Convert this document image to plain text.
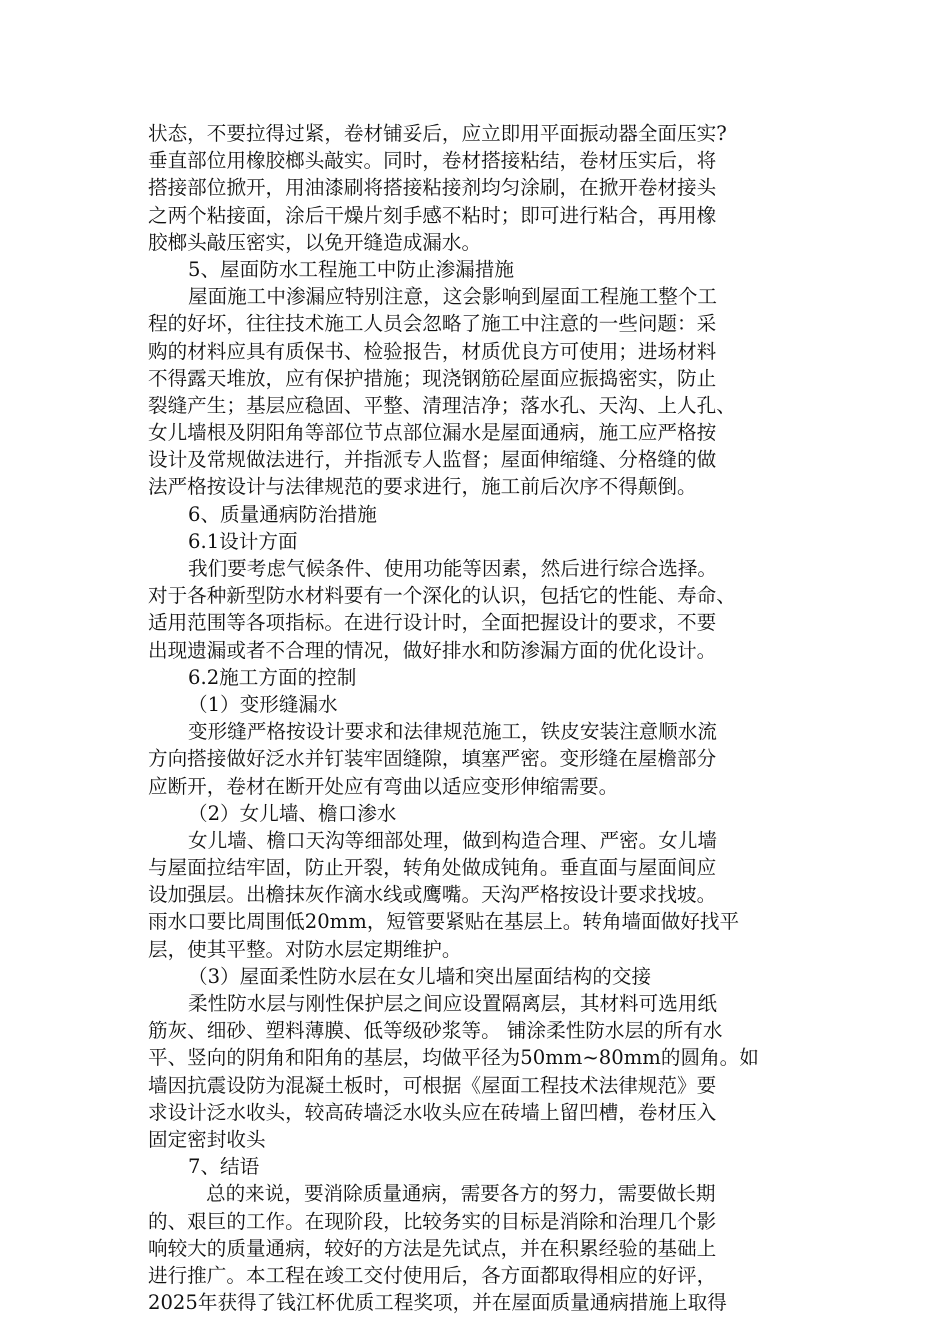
状态，不要拉得过紧，卷材铺妥后，应立即用平面振动器全面压实?
垂直部位用橡胶榔头敲实。同时，卷材搭接粘结，卷材压实后，将
搭接部位掀开，用油漆刷将搭接粘接剂均匀涂刷，在掀开卷材接头
之两个粘接面，涂后干燥片刻手感不粘时；即可进行粘合，再用橡
胶榔头敲压密实，以免开缝造成漏水。
5、屋面防水工程施工中防止渗漏措施
屋面施工中渗漏应特别注意，这会影响到屋面工程施工整个工
程的好坏，往往技术施工人员会忽略了施工中注意的一些问题：采
购的材料应具有质保书、检验报告，材质优良方可使用；进场材料
不得露天堆放，应有保护措施；现浇钢筋砼屋面应振捣密实，防止
裂缝产生；基层应稳固、平整、清理洁净；落水孔、天沟、上人孔、
女儿墙根及阴阳角等部位节点部位漏水是屋面通病，施工应严格按
设计及常规做法进行，并指派专人监督；屋面伸缩缝、分格缝的做
法严格按设计与法律规范的要求进行，施工前后次序不得颠倒。
6、质量通病防治措施
6.1设计方面
我们要考虑气候条件、使用功能等因素，然后进行综合选择。
对于各种新型防水材料要有一个深化的认识，包括它的性能、寿命、
适用范围等各项指标。在进行设计时，全面把握设计的要求，不要
出现遗漏或者不合理的情况，做好排水和防渗漏方面的优化设计。
6.2施工方面的控制
（1）变形缝漏水
变形缝严格按设计要求和法律规范施工，铁皮安装注意顺水流
方向搭接做好泛水并钉装牢固缝隙，填塞严密。变形缝在屋檐部分
应断开，卷材在断开处应有弯曲以适应变形伸缩需要。
（2）女儿墙、檐口渗水
女儿墙、檐口天沟等细部处理，做到构造合理、严密。女儿墙
与屋面拉结牢固，防止开裂，转角处做成钝角。垂直面与屋面间应
设加强层。出檐抹灰作滴水线或鹰嘴。天沟严格按设计要求找坡。
雨水口要比周围低20mm，短管要紧贴在基层上。转角墙面做好找平
层，使其平整。对防水层定期维护。
（3）屋面柔性防水层在女儿墙和突出屋面结构的交接
柔性防水层与刚性保护层之间应设置隔离层，其材料可选用纸
筋灰、细砂、塑料薄膜、低等级砂浆等。 铺涂柔性防水层的所有水
平、竖向的阴角和阳角的基层，均做平径为50mm~80mm的圆角。如
墙因抗震设防为混凝土板时，可根据《屋面工程技术法律规范》要
求设计泛水收头，较高砖墙泛水收头应在砖墙上留凹槽，卷材压入
固定密封收头
7、结语
总的来说，要消除质量通病，需要各方的努力，需要做长期
的、艰巨的工作。在现阶段，比较务实的目标是消除和治理几个影
响较大的质量通病，较好的方法是先试点，并在积累经验的基础上
进行推广。本工程在竣工交付使用后，各方面都取得相应的好评，
2025年获得了钱江杯优质工程奖项，并在屋面质量通病措施上取得
